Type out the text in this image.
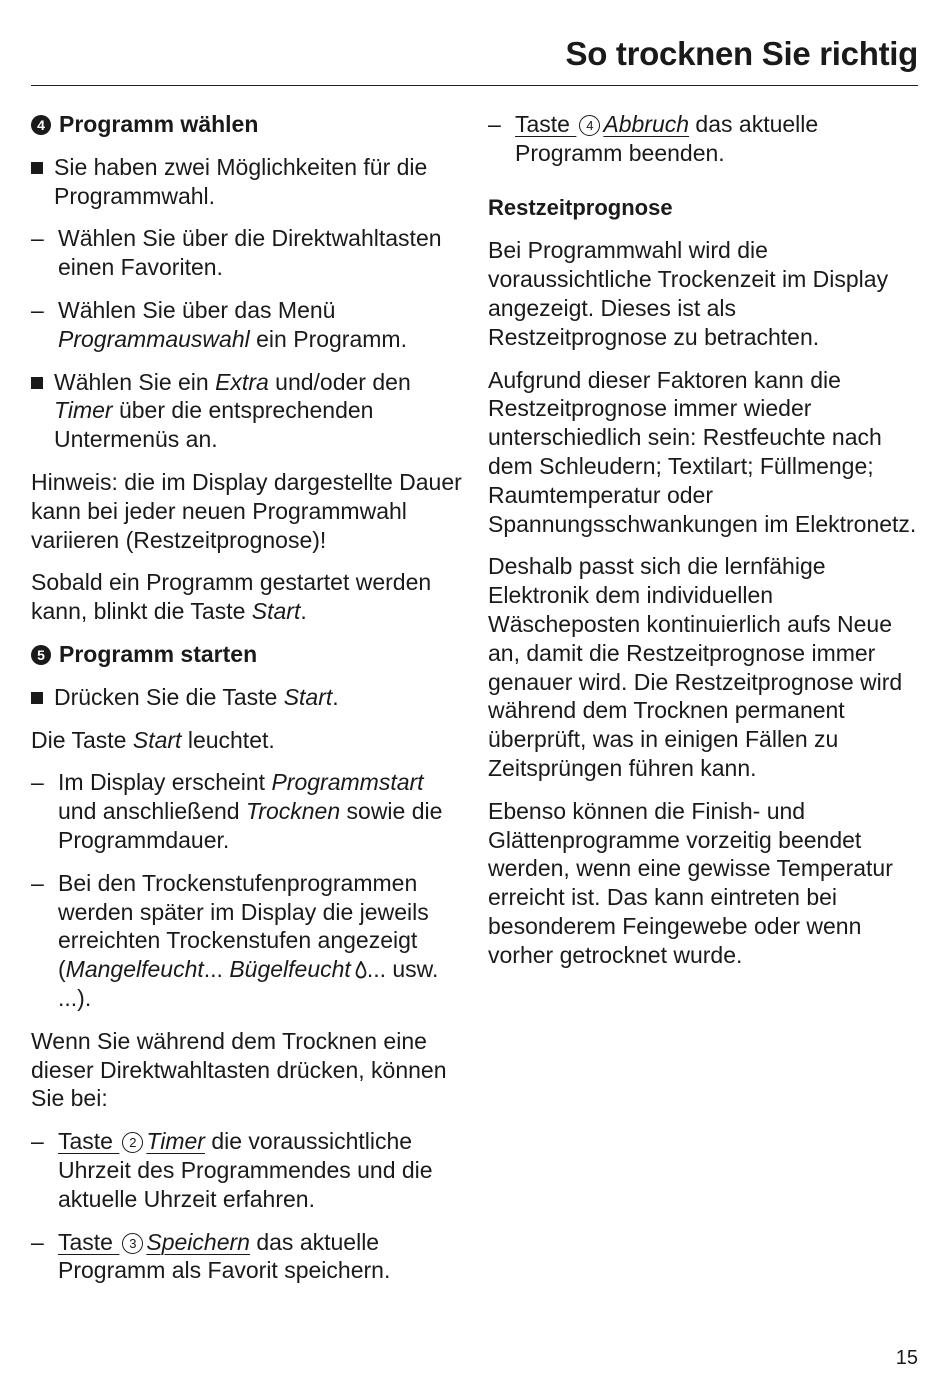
So trocknen Sie richtig
4 Programm wählen
Sie haben zwei Möglichkeiten für die Programmwahl.
– Wählen Sie über die Direktwahltasten einen Favoriten.
– Wählen Sie über das Menü Programmauswahl ein Programm.
Wählen Sie ein Extra und/oder den Timer über die entsprechenden Untermenüs an.

Hinweis: die im Display dargestellte Dauer kann bei jeder neuen Programmwahl variieren (Restzeitprognose)!

Sobald ein Programm gestartet werden kann, blinkt die Taste Start.

5 Programm starten
Drücken Sie die Taste Start.

Die Taste Start leuchtet.

– Im Display erscheint Programmstart und anschließend Trocknen sowie die Programmdauer.
– Bei den Trockenstufenprogrammen werden später im Display die jeweils erreichten Trockenstufen angezeigt (Mangelfeucht... Bügelfeucht ... usw. ...).

Wenn Sie während dem Trocknen eine dieser Direktwahltasten drücken, können Sie bei:

– Taste 2 Timer die voraussichtliche Uhrzeit des Programmendes und die aktuelle Uhrzeit erfahren.
– Taste 3 Speichern das aktuelle Programm als Favorit speichern.
– Taste 4 Abbruch das aktuelle Programm beenden.
Restzeitprognose

Bei Programmwahl wird die voraussichtliche Trockenzeit im Display angezeigt. Dieses ist als Restzeitprognose zu betrachten.

Aufgrund dieser Faktoren kann die Restzeitprognose immer wieder unterschiedlich sein: Restfeuchte nach dem Schleudern; Textilart; Füllmenge; Raumtemperatur oder Spannungsschwankungen im Elektronetz.

Deshalb passt sich die lernfähige Elektronik dem individuellen Wäscheposten kontinuierlich aufs Neue an, damit die Restzeitprognose immer genauer wird. Die Restzeitprognose wird während dem Trocknen permanent überprüft, was in einigen Fällen zu Zeitsprüngen führen kann.

Ebenso können die Finish- und Glättenprogramme vorzeitig beendet werden, wenn eine gewisse Temperatur erreicht ist. Das kann eintreten bei besonderem Feingewebe oder wenn vorher getrocknet wurde.

15
